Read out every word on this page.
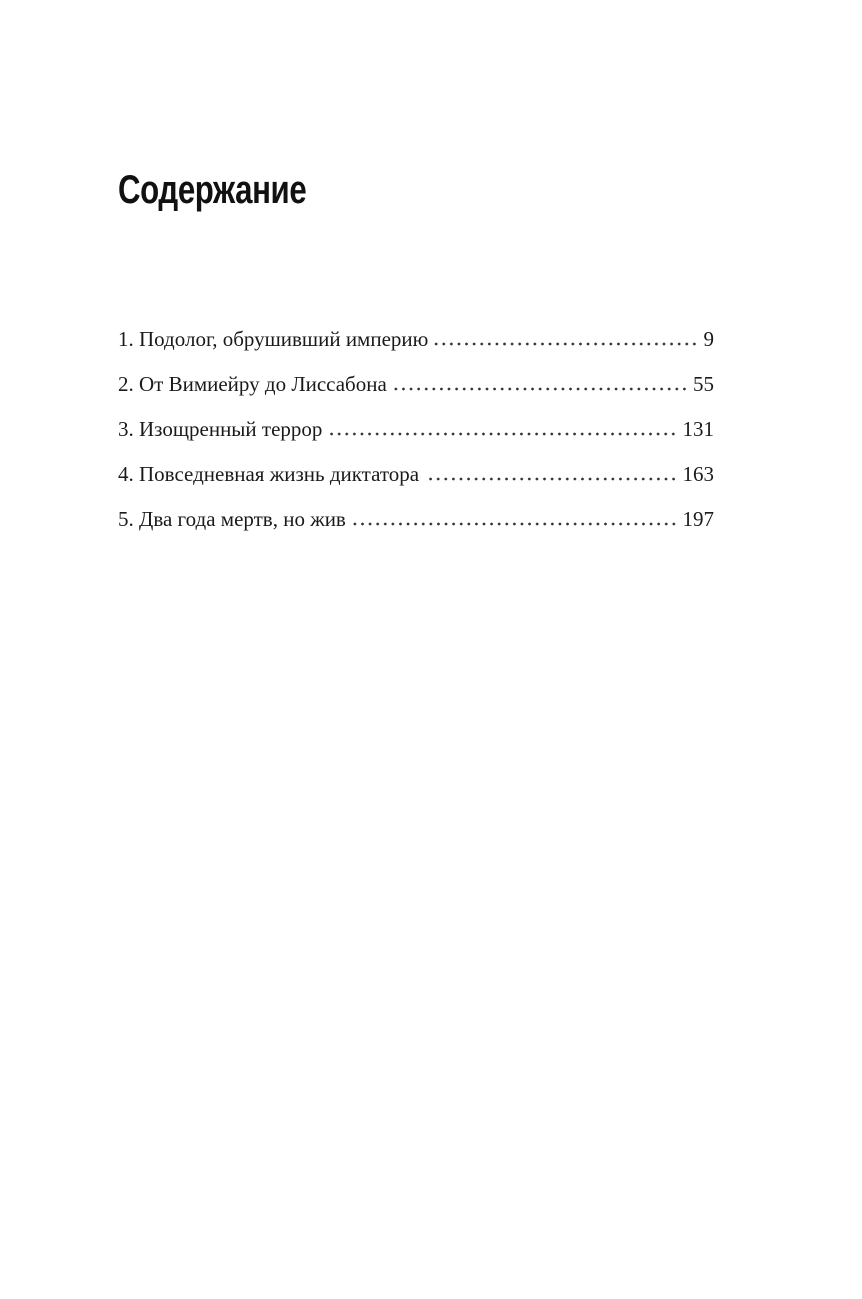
Содержание
1. Подолог, обрушивший империю	9
2. От Вимиейру до Лиссабона	55
3. Изощренный террор	131
4. Повседневная жизнь диктатора	163
5. Два года мертв, но жив	197
